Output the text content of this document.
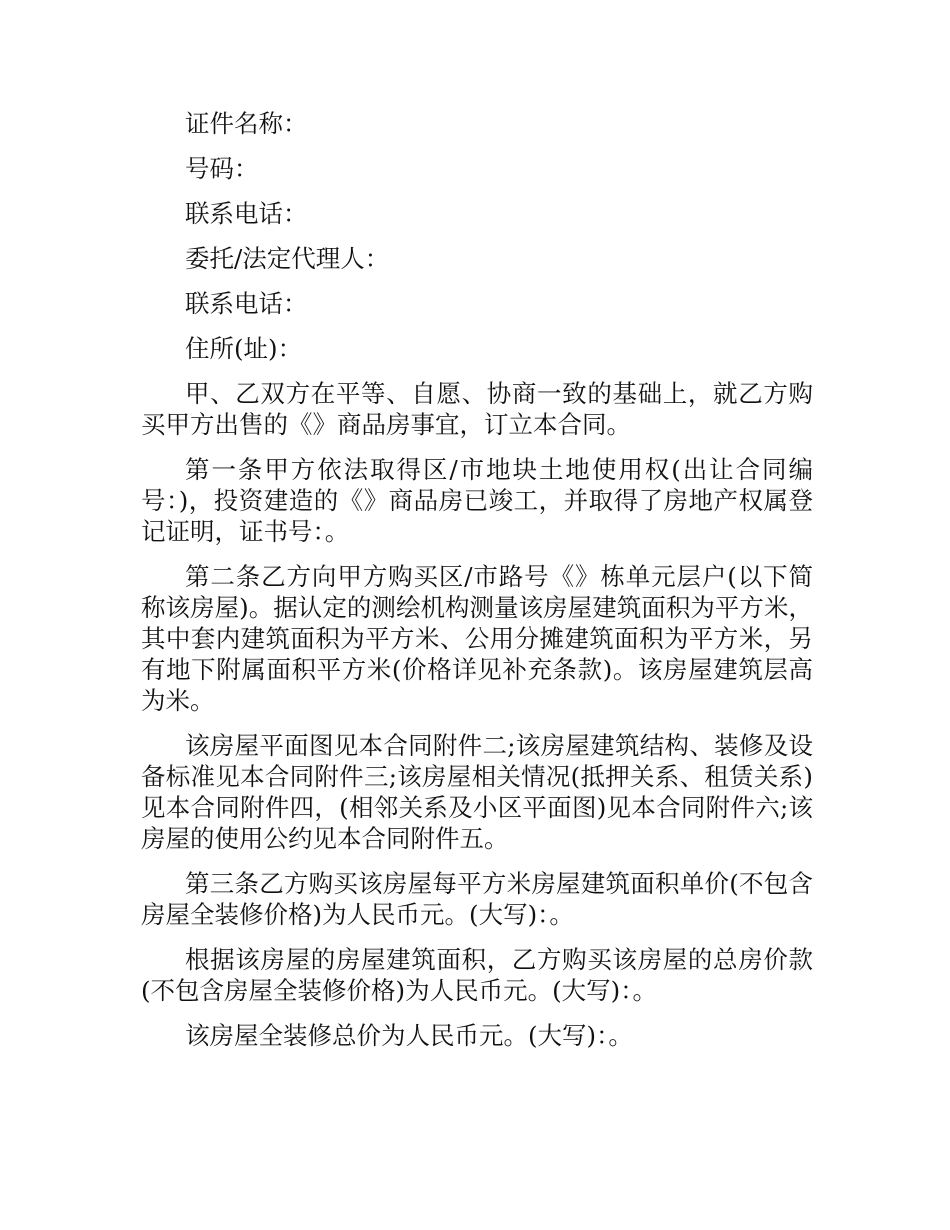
证件名称：
号码：
联系电话：
委托/法定代理人：
联系电话：
住所(址)：

甲、乙双方在平等、自愿、协商一致的基础上，就乙方购买甲方出售的《》商品房事宜，订立本合同。

第一条甲方依法取得区/市地块土地使用权(出让合同编号：)，投资建造的《》商品房已竣工，并取得了房地产权属登记证明，证书号：。

第二条乙方向甲方购买区/市路号《》栋单元层户(以下简称该房屋)。据认定的测绘机构测量该房屋建筑面积为平方米，其中套内建筑面积为平方米、公用分摊建筑面积为平方米，另有地下附属面积平方米(价格详见补充条款)。该房屋建筑层高为米。

该房屋平面图见本合同附件二;该房屋建筑结构、装修及设备标准见本合同附件三;该房屋相关情况(抵押关系、租赁关系)见本合同附件四，(相邻关系及小区平面图)见本合同附件六;该房屋的使用公约见本合同附件五。

第三条乙方购买该房屋每平方米房屋建筑面积单价(不包含房屋全装修价格)为人民币元。(大写)：。

根据该房屋的房屋建筑面积，乙方购买该房屋的总房价款(不包含房屋全装修价格)为人民币元。(大写)：。

该房屋全装修总价为人民币元。(大写)：。
